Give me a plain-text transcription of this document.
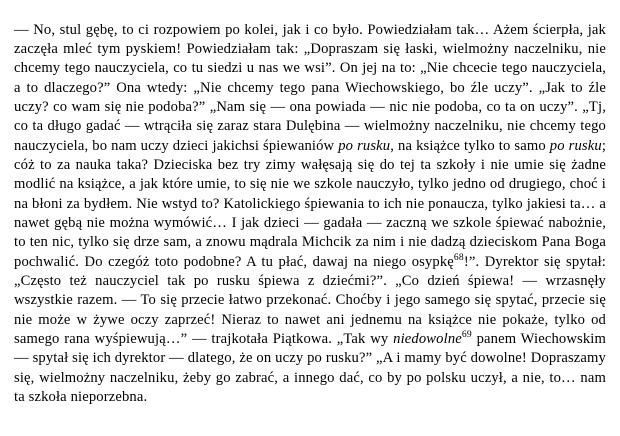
— No, stul gębę, to ci rozpowiem po kolei, jak i co było. Powiedziałam tak… Ażem ścierpła, jak zaczęła mleć tym pyskiem! Powiedziałam tak: „Dopraszam się łaski, wielmożny naczelniku, nie chcemy tego nauczyciela, co tu siedzi u nas we wsi”. On jej na to: „Nie chcecie tego nauczyciela, a to dlaczego?” Ona wtedy: „Nie chcemy tego pana Wiechowskiego, bo źle uczy”. „Jak to źle uczy? co wam się nie podoba?” „Nam się — ona powiada — nic nie podoba, co ta on uczy”. „Tj, co ta długo gadać — wtrąciła się zaraz stara Dulębina — wielmożny naczelniku, nie chcemy tego nauczyciela, bo nam uczy dzieci jakichsi śpiewaniów po rusku, na książce tylko to samo po rusku; cóż to za nauka taka? Dzieciska bez try zimy wałęsają się do tej ta szkoły i nie umie się żadne modlić na książce, a jak które umie, to się nie we szkole nauczyło, tylko jedno od drugiego, choć i na błoni za bydłem. Nie wstyd to? Katolickiego śpiewania to ich nie ponaucza, tylko jakiesi ta… a nawet gębą nie można wymówić… I jak dzieci — gadała — zaczną we szkole śpiewać nabożnie, to ten nic, tylko się drze sam, a znowu mądrala Michcik za nim i nie dadzą dzieciskom Pana Boga pochwalić. Do czegóż toto podobne? A tu płać, dawaj na niego osypkę$^{68}$!”. Dyrektor się spytał: „Często też nauczyciel tak po rusku śpiewa z dziećmi?”. „Co dzień śpiewa! — wrzasnęły wszystkie razem. — To się przecie łatwo przekonać. Choćby i jego samego się spytać, przecie się nie może w żywe oczy zaprzeć! Nieraz to nawet ani jednemu na książce nie pokaże, tylko od samego rana wyśpiewują…” — trajkotała Piątkowa. „Tak wy niedowolne$^{69}$ panem Wiechowskim — spytał się ich dyrektor — dlatego, że on uczy po rusku?” „A i mamy być dowolne! Dopraszamy się, wielmożny naczelniku, żeby go zabrać, a innego dać, co by po polsku uczył, a nie, to… nam ta szkoła nieporzebna.
